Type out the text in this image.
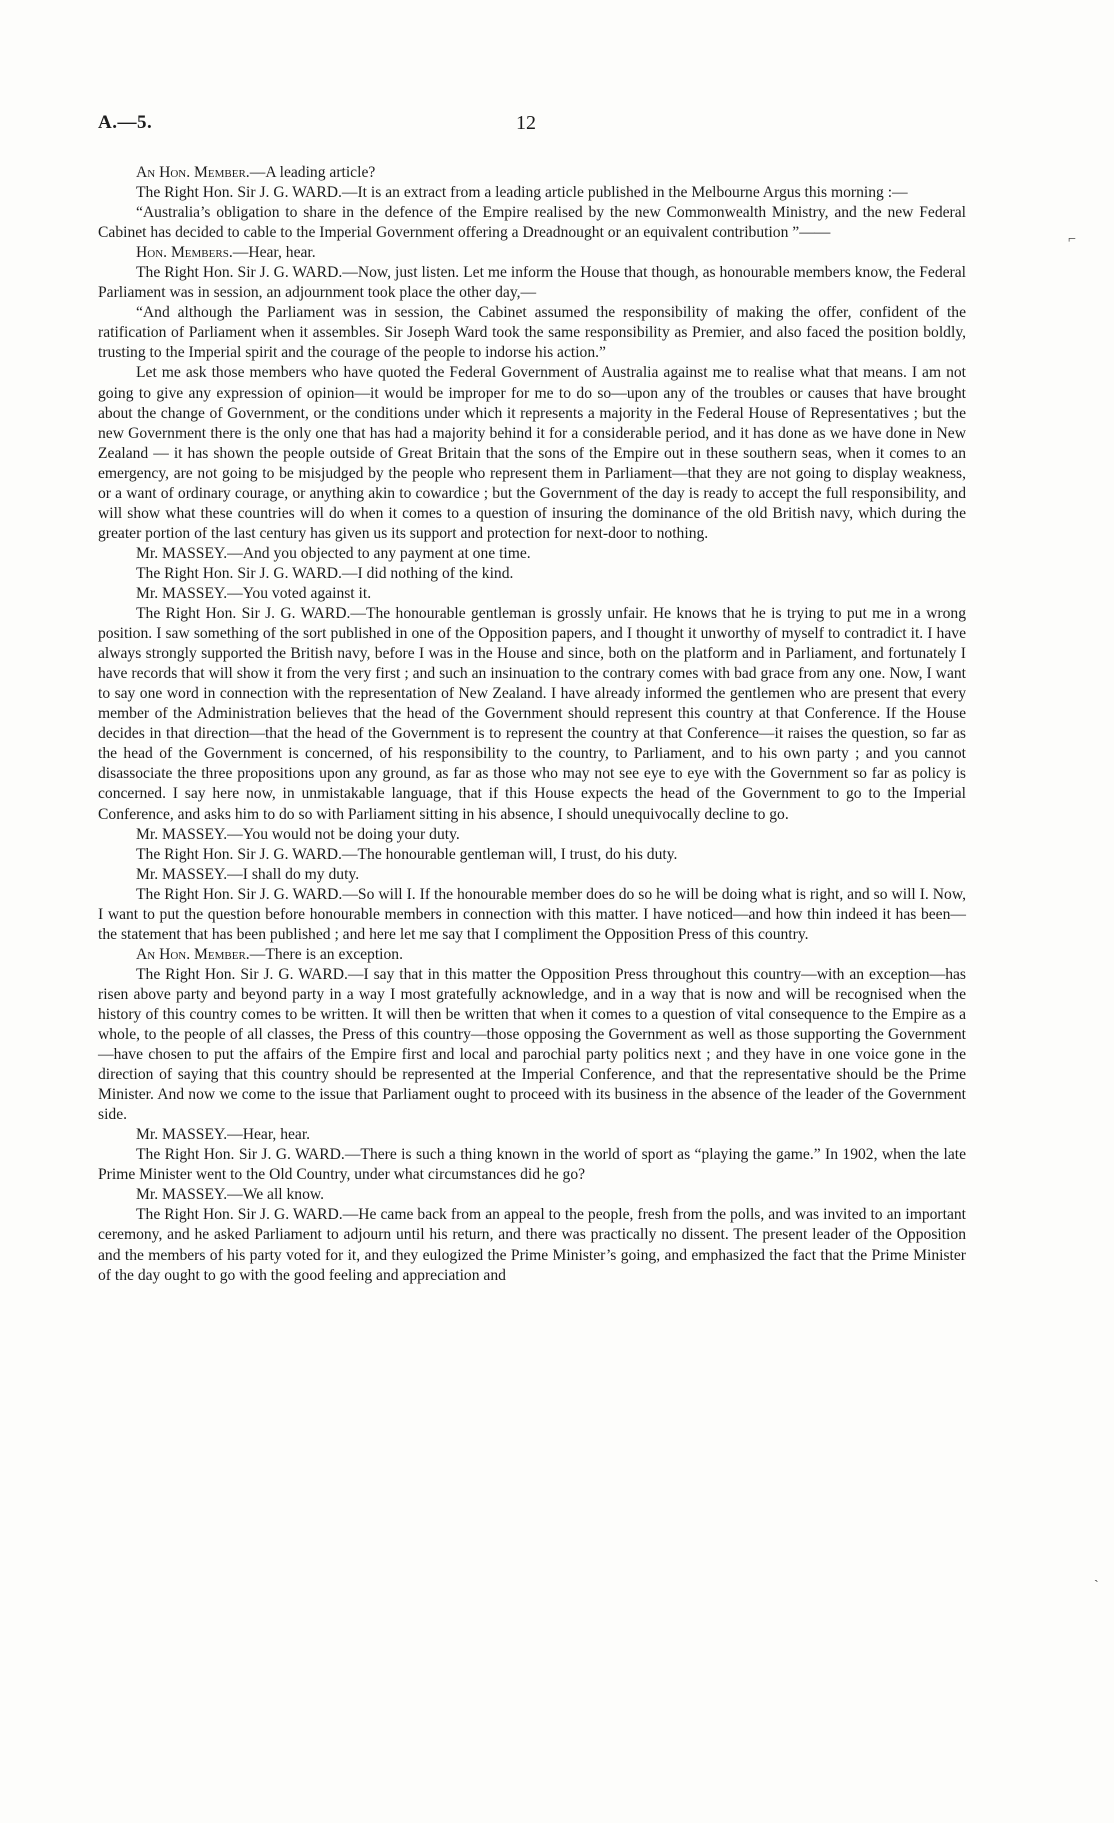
A.—5.	12

An Hon. Member.—A leading article?

The Right Hon. Sir J. G. WARD.—It is an extract from a leading article published in the Melbourne Argus this morning :—

“Australia’s obligation to share in the defence of the Empire realised by the new Commonwealth Ministry, and the new Federal Cabinet has decided to cable to the Imperial Government offering a Dreadnought or an equivalent contribution ”——

Hon. Members.—Hear, hear.

The Right Hon. Sir J. G. WARD.—Now, just listen. Let me inform the House that though, as honourable members know, the Federal Parliament was in session, an adjournment took place the other day,—

“And although the Parliament was in session, the Cabinet assumed the responsibility of making the offer, confident of the ratification of Parliament when it assembles. Sir Joseph Ward took the same responsibility as Premier, and also faced the position boldly, trusting to the Imperial spirit and the courage of the people to indorse his action.”

Let me ask those members who have quoted the Federal Government of Australia against me to realise what that means. I am not going to give any expression of opinion—it would be improper for me to do so—upon any of the troubles or causes that have brought about the change of Government, or the conditions under which it represents a majority in the Federal House of Representatives ; but the new Government there is the only one that has had a majority behind it for a considerable period, and it has done as we have done in New Zealand — it has shown the people outside of Great Britain that the sons of the Empire out in these southern seas, when it comes to an emergency, are not going to be misjudged by the people who represent them in Parliament—that they are not going to display weakness, or a want of ordinary courage, or anything akin to cowardice ; but the Government of the day is ready to accept the full responsibility, and will show what these countries will do when it comes to a question of insuring the dominance of the old British navy, which during the greater portion of the last century has given us its support and protection for next-door to nothing.

Mr. MASSEY.—And you objected to any payment at one time.

The Right Hon. Sir J. G. WARD.—I did nothing of the kind.

Mr. MASSEY.—You voted against it.

The Right Hon. Sir J. G. WARD.—The honourable gentleman is grossly unfair. He knows that he is trying to put me in a wrong position. I saw something of the sort published in one of the Opposition papers, and I thought it unworthy of myself to contradict it. I have always strongly supported the British navy, before I was in the House and since, both on the platform and in Parliament, and fortunately I have records that will show it from the very first ; and such an insinuation to the contrary comes with bad grace from any one. Now, I want to say one word in connection with the representation of New Zealand. I have already informed the gentlemen who are present that every member of the Administration believes that the head of the Government should represent this country at that Conference. If the House decides in that direction—that the head of the Government is to represent the country at that Conference—it raises the question, so far as the head of the Government is concerned, of his responsibility to the country, to Parliament, and to his own party ; and you cannot disassociate the three propositions upon any ground, as far as those who may not see eye to eye with the Government so far as policy is concerned. I say here now, in unmistakable language, that if this House expects the head of the Government to go to the Imperial Conference, and asks him to do so with Parliament sitting in his absence, I should unequivocally decline to go.

Mr. MASSEY.—You would not be doing your duty.

The Right Hon. Sir J. G. WARD.—The honourable gentleman will, I trust, do his duty.

Mr. MASSEY.—I shall do my duty.

The Right Hon. Sir J. G. WARD.—So will I. If the honourable member does do so he will be doing what is right, and so will I. Now, I want to put the question before honourable members in connection with this matter. I have noticed—and how thin indeed it has been—the statement that has been published ; and here let me say that I compliment the Opposition Press of this country.

An Hon. Member.—There is an exception.

The Right Hon. Sir J. G. WARD.—I say that in this matter the Opposition Press throughout this country—with an exception—has risen above party and beyond party in a way I most gratefully acknowledge, and in a way that is now and will be recognised when the history of this country comes to be written. It will then be written that when it comes to a question of vital consequence to the Empire as a whole, to the people of all classes, the Press of this country—those opposing the Government as well as those supporting the Government—have chosen to put the affairs of the Empire first and local and parochial party politics next ; and they have in one voice gone in the direction of saying that this country should be represented at the Imperial Conference, and that the representative should be the Prime Minister. And now we come to the issue that Parliament ought to proceed with its business in the absence of the leader of the Government side.

Mr. MASSEY.—Hear, hear.

The Right Hon. Sir J. G. WARD.—There is such a thing known in the world of sport as “playing the game.” In 1902, when the late Prime Minister went to the Old Country, under what circumstances did he go?

Mr. MASSEY.—We all know.

The Right Hon. Sir J. G. WARD.—He came back from an appeal to the people, fresh from the polls, and was invited to an important ceremony, and he asked Parliament to adjourn until his return, and there was practically no dissent. The present leader of the Opposition and the members of his party voted for it, and they eulogized the Prime Minister’s going, and emphasized the fact that the Prime Minister of the day ought to go with the good feeling and appreciation and

⌐
ˏ
